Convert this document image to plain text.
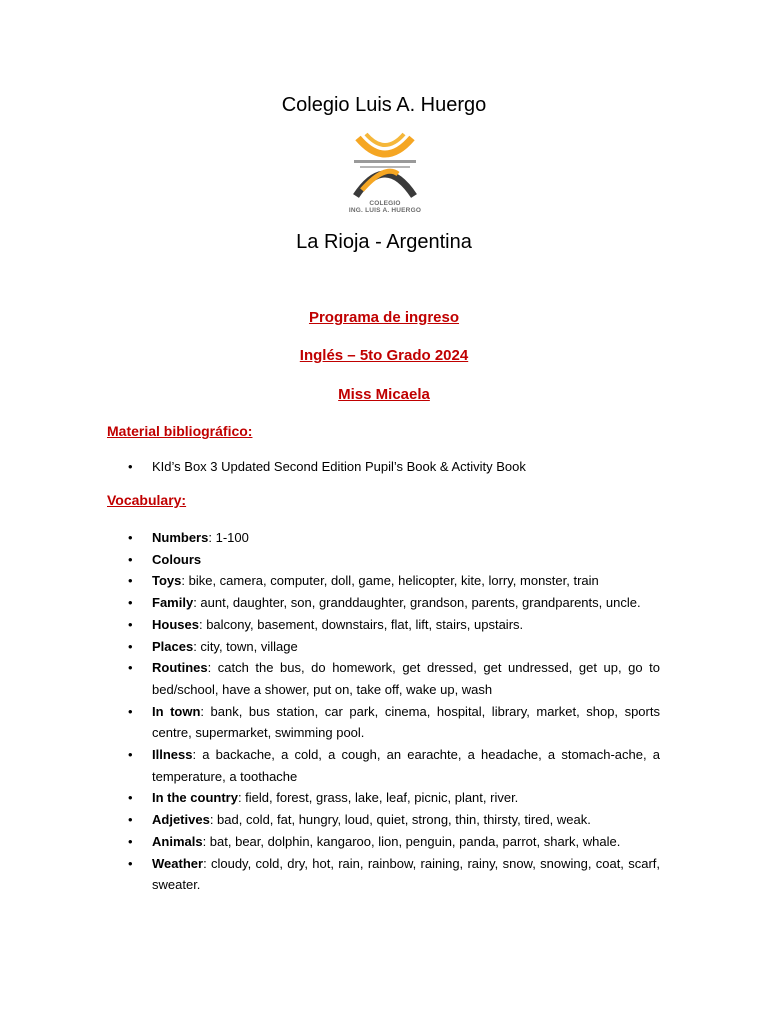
Colegio Luis A. Huergo
COLEGIO
ING. LUIS A. HUERGO
La Rioja - Argentina
Programa de ingreso
Inglés – 5to Grado 2024
Miss Micaela
Material bibliográfico:
• KId’s Box 3 Updated Second Edition Pupil’s Book & Activity Book
Vocabulary:
• Numbers: 1-100
• Colours
• Toys: bike, camera, computer, doll, game, helicopter, kite, lorry, monster, train
• Family: aunt, daughter, son, granddaughter, grandson, parents, grandparents, uncle.
• Houses: balcony, basement, downstairs, flat, lift, stairs, upstairs.
• Places: city, town, village
• Routines: catch the bus, do homework, get dressed, get undressed, get up, go to bed/school, have a shower, put on, take off, wake up, wash
• In town: bank, bus station, car park, cinema, hospital, library, market, shop, sports centre, supermarket, swimming pool.
• Illness: a backache, a cold, a cough, an earachte, a headache, a stomach-ache, a temperature, a toothache
• In the country: field, forest, grass, lake, leaf, picnic, plant, river.
• Adjetives: bad, cold, fat, hungry, loud, quiet, strong, thin, thirsty, tired, weak.
• Animals: bat, bear, dolphin, kangaroo, lion, penguin, panda, parrot, shark, whale.
• Weather: cloudy, cold, dry, hot, rain, rainbow, raining, rainy, snow, snowing, coat, scarf, sweater.
